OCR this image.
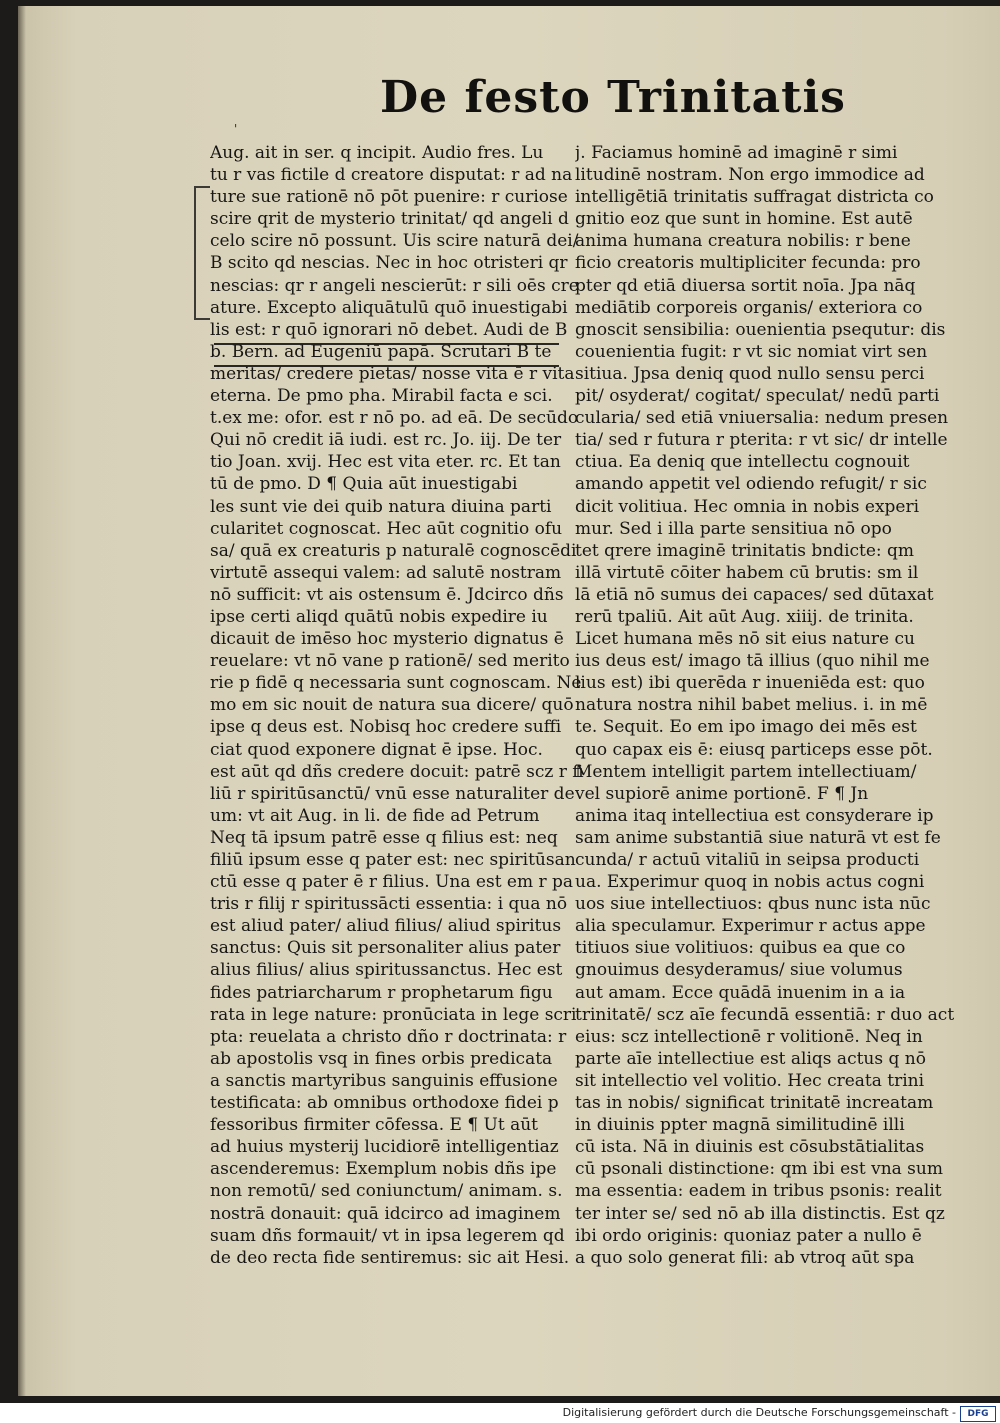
'
De festo Trinitatis
Aug. ait in ser. q incipit. Audio fres. Lu
tu r vas fictile d creatore disputat: r ad na
ture sue rationē nō pōt puenire: r curiose
scire qrit de mysterio trinitat/ qd angeli d
celo scire nō possunt. Uis scire naturā dei/
B scito qd nescias. Nec in hoc otristeri qr
nescias: qr r angeli nescierūt: r sili oēs cre
ature. Excepto aliquātulū quō inuestigabi
lis est: r quō ignorari nō debet. Audi de B
b. Bern. ad Eugeniū papā. Scrutari B te
meritas/ credere pietas/ nosse vita ē r vita
eterna. De pmo pha. Mirabil facta e sci.
t.ex me: ofor. est r nō po. ad eā. De secūdo
Qui nō credit iā iudi. est rc. Jo. iij. De ter
tio Joan. xvij. Hec est vita eter. rc. Et tan
tū de pmo. D ¶ Quia aūt inuestigabi
les sunt vie dei quib natura diuina parti
cularitet cognoscat. Hec aūt cognitio ofu
sa/ quā ex creaturis p naturalē cognoscēdi
virtutē assequi valem: ad salutē nostram
nō sufficit: vt ais ostensum ē. Jdcirco dñs
ipse certi aliqd quātū nobis expedire iu
dicauit de imēso hoc mysterio dignatus ē
reuelare: vt nō vane p rationē/ sed merito
rie p fidē q necessaria sunt cognoscam. Ne
mo em sic nouit de natura sua dicere/ quō
ipse q deus est. Nobisq hoc credere suffi
ciat quod exponere dignat ē ipse. Hoc.
est aūt qd dñs credere docuit: patrē scz r fi
liū r spiritūsanctū/ vnū esse naturaliter de
um: vt ait Aug. in li. de fide ad Petrum
Neq tā ipsum patrē esse q filius est: neq
filiū ipsum esse q pater est: nec spiritūsan
ctū esse q pater ē r filius. Una est em r pa
tris r filij r spiritussācti essentia: i qua nō
est aliud pater/ aliud filius/ aliud spiritus
sanctus: Quis sit personaliter alius pater
alius filius/ alius spiritussanctus. Hec est
fides patriarcharum r prophetarum figu
rata in lege nature: pronūciata in lege scri
pta: reuelata a christo dño r doctrinata: r
ab apostolis vsq in fines orbis predicata
a sanctis martyribus sanguinis effusione
testificata: ab omnibus orthodoxe fidei p
fessoribus firmiter cōfessa. E ¶ Ut aūt
ad huius mysterij lucidiorē intelligentiaz
ascenderemus: Exemplum nobis dñs ipe
non remotū/ sed coniunctum/ animam. s.
nostrā donauit: quā idcirco ad imaginem
suam dñs formauit/ vt in ipsa legerem qd
de deo recta fide sentiremus: sic ait Hesi.
j. Faciamus hominē ad imaginē r simi
litudinē nostram. Non ergo immodice ad
intelligētiā trinitatis suffragat districta co
gnitio eoz que sunt in homine. Est autē
anima humana creatura nobilis: r bene
ficio creatoris multipliciter fecunda: pro
pter qd etiā diuersa sortit noīa. Jpa nāq
mediātib corporeis organis/ exteriora co
gnoscit sensibilia: ouenientia psequtur: dis
couenientia fugit: r vt sic nomiat virt sen
sitiua. Jpsa deniq quod nullo sensu perci
pit/ osyderat/ cogitat/ speculat/ nedū parti
cularia/ sed etiā vniuersalia: nedum presen
tia/ sed r futura r pterita: r vt sic/ dr intelle
ctiua. Ea deniq que intellectu cognouit
amando appetit vel odiendo refugit/ r sic
dicit volitiua. Hec omnia in nobis experi
mur. Sed i illa parte sensitiua nō opo
tet qrere imaginē trinitatis bndicte: qm
illā virtutē cōiter habem cū brutis: sm il
lā etiā nō sumus dei capaces/ sed dūtaxat
rerū tpaliū. Ait aūt Aug. xiiij. de trinita.
Licet humana mēs nō sit eius nature cu
ius deus est/ imago tā illius (quo nihil me
lius est) ibi querēda r inueniēda est: quo
natura nostra nihil babet melius. i. in mē
te. Sequit. Eo em ipo imago dei mēs est
quo capax eis ē: eiusq particeps esse pōt.
Mentem intelligit partem intellectiuam/
vel supiorē anime portionē. F ¶ Jn
anima itaq intellectiua est consyderare ip
sam anime substantiā siue naturā vt est fe
cunda/ r actuū vitaliū in seipsa producti
ua. Experimur quoq in nobis actus cogni
uos siue intellectiuos: qbus nunc ista nūc
alia speculamur. Experimur r actus appe
titiuos siue volitiuos: quibus ea que co
gnouimus desyderamus/ siue volumus
aut amam. Ecce quādā inuenim in a ia
trinitatē/ scz aīe fecundā essentiā: r duo act
eius: scz intellectionē r volitionē. Neq in
parte aīe intellectiue est aliqs actus q nō
sit intellectio vel volitio. Hec creata trini
tas in nobis/ significat trinitatē increatam
in diuinis ppter magnā similitudinē illi
cū ista. Nā in diuinis est cōsubstātialitas
cū psonali distinctione: qm ibi est vna sum
ma essentia: eadem in tribus psonis: realit
ter inter se/ sed nō ab illa distinctis. Est qz
ibi ordo originis: quoniaz pater a nullo ē
a quo solo generat fili: ab vtroq aūt spa
Digitalisierung gefördert durch die Deutsche Forschungsgemeinschaft -	DFG
